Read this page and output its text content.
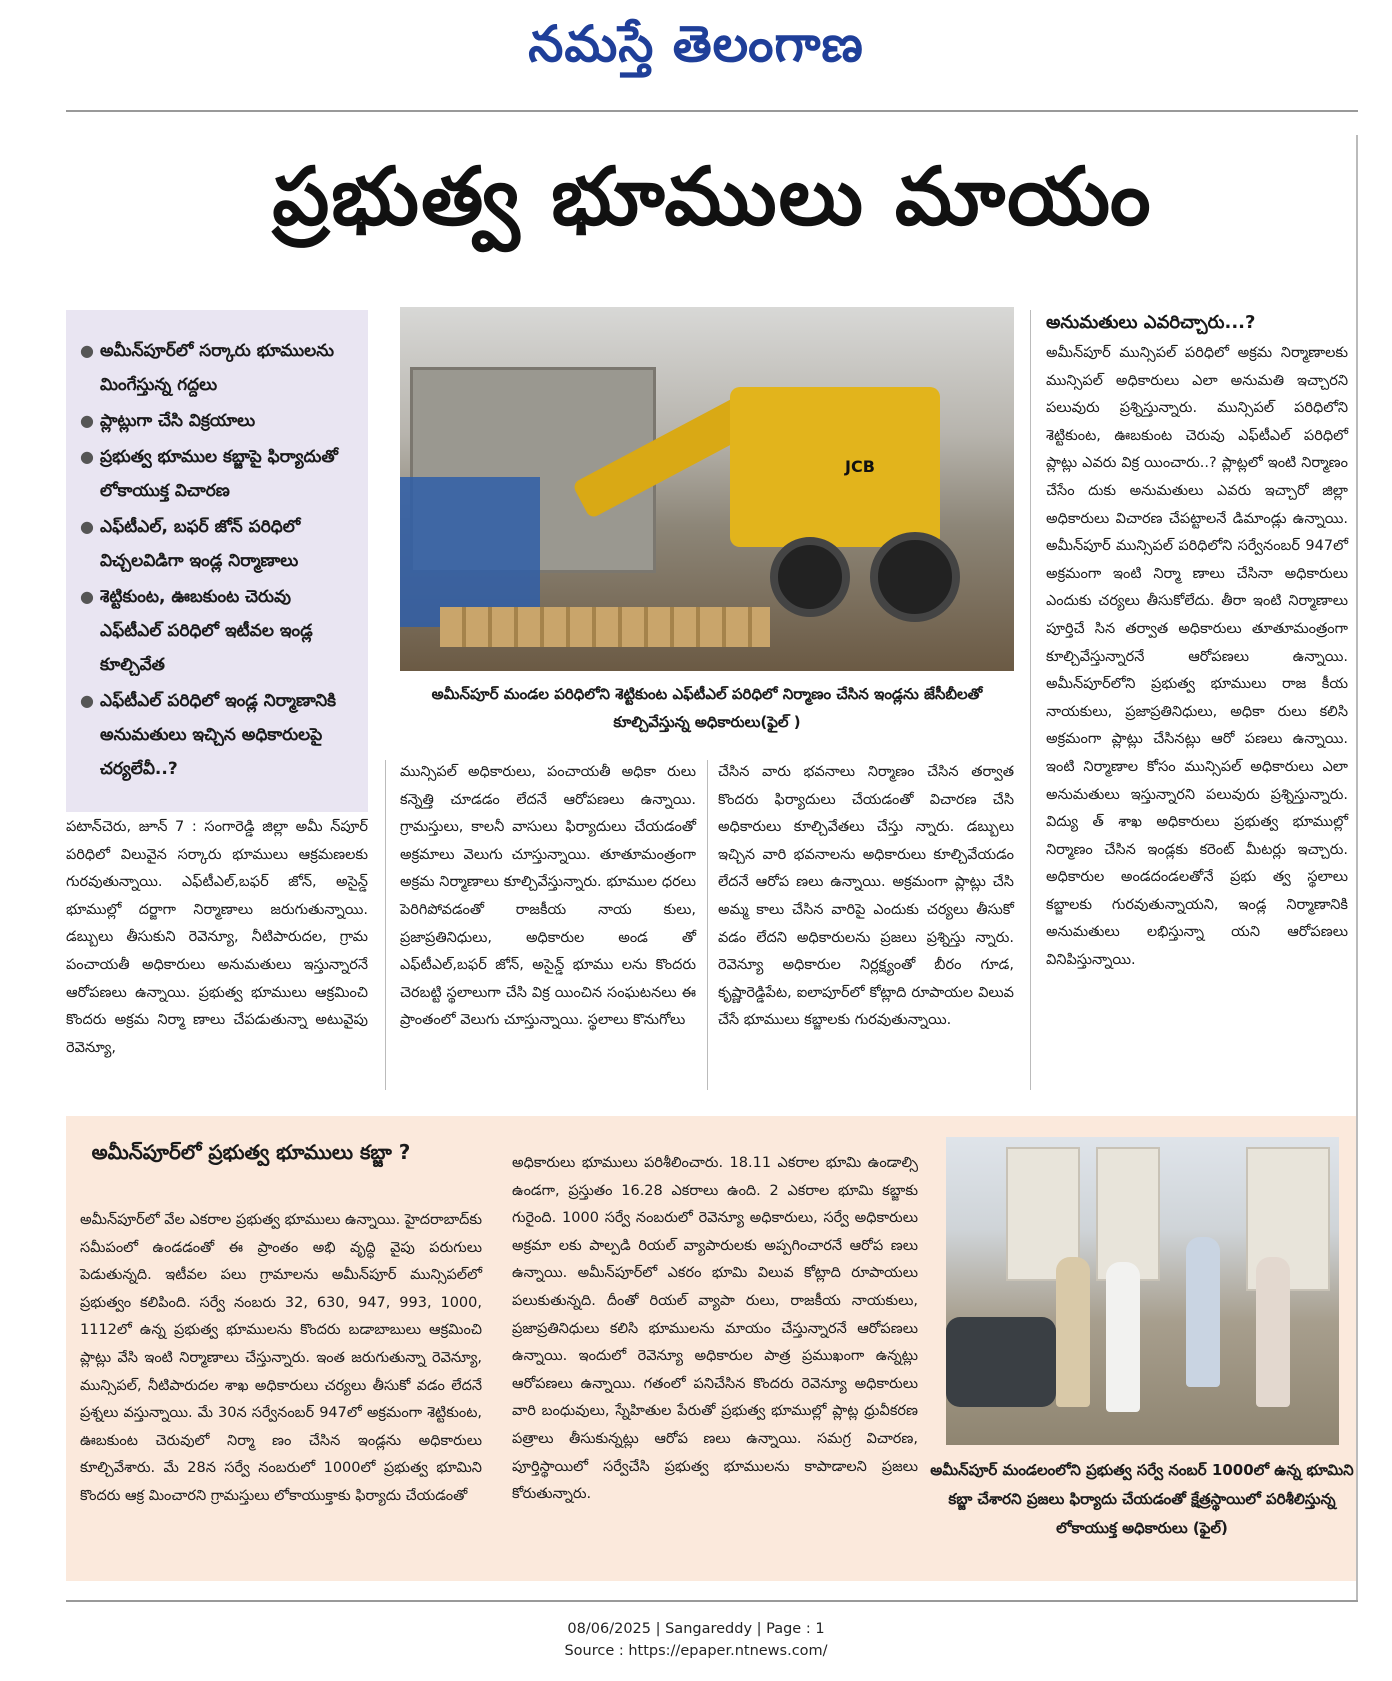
నమస్తే తెలంగాణ
ప్రభుత్వ భూములు మాయం
● అమీన్‌పూర్‌లో సర్కారు భూములను మింగేస్తున్న గద్దలు
● ప్లాట్లుగా చేసి విక్రయాలు
● ప్రభుత్వ భూముల కబ్జాపై ఫిర్యాదుతో లోకాయుక్త విచారణ
● ఎఫ్‌టీఎల్‌, బఫర్‌ జోన్‌ పరిధిలో విచ్చలవిడిగా ఇండ్ల నిర్మాణాలు
● శెట్టికుంట, ఊబకుంట చెరువు ఎఫ్‌టీఎల్‌ పరిధిలో ఇటీవల ఇండ్ల కూల్చివేత
● ఎఫ్‌టీఎల్‌ పరిధిలో ఇండ్ల నిర్మాణానికి అనుమతులు ఇచ్చిన అధికారులపై చర్యలేవీ..?
JCB
అమీన్‌పూర్‌ మండల పరిధిలోని శెట్టికుంట ఎఫ్‌టీఎల్‌ పరిధిలో నిర్మాణం చేసిన ఇండ్లను జేసీబీలతో కూల్చివేస్తున్న అధికారులు(ఫైల్‌ )
అనుమతులు ఎవరిచ్చారు...?
అమీన్‌పూర్‌ మున్సిపల్‌ పరిధిలో అక్రమ నిర్మాణాలకు మున్సిపల్‌ అధికారులు ఎలా అనుమతి ఇచ్చారని పలువురు ప్రశ్నిస్తున్నారు. మున్సిపల్‌ పరిధిలోని శెట్టికుంట, ఊబకుంట చెరువు ఎఫ్‌టీఎల్‌ పరిధిలో ప్లాట్లు ఎవరు విక్ర యించారు..? ప్లాట్లలో ఇంటి నిర్మాణం చేసేం దుకు అనుమతులు ఎవరు ఇచ్చారో జిల్లా అధికారులు విచారణ చేపట్టాలనే డిమాండ్లు ఉన్నాయి. అమీన్‌పూర్‌ మున్సిపల్‌ పరిధిలోని సర్వేనంబర్‌ 947లో అక్రమంగా ఇంటి నిర్మా ణాలు చేసినా అధికారులు ఎందుకు చర్యలు తీసుకోలేదు. తీరా ఇంటి నిర్మాణాలు పూర్తిచే సిన తర్వాత అధికారులు తూతూమంత్రంగా కూల్చివేస్తున్నారనే ఆరోపణలు ఉన్నాయి. అమీన్‌పూర్‌లోని ప్రభుత్వ భూములు రాజ కీయ నాయకులు, ప్రజాప్రతినిధులు, అధికా రులు కలిసి అక్రమంగా ప్లాట్లు చేసినట్లు ఆరో పణలు ఉన్నాయి. ఇంటి నిర్మాణాల కోసం మున్సిపల్‌ అధికారులు ఎలా అనుమతులు ఇస్తున్నారని పలువురు ప్రశ్నిస్తున్నారు. విద్యు త్‌ శాఖ అధికారులు ప్రభుత్వ భూముల్లో నిర్మాణం చేసిన ఇండ్లకు కరెంట్‌ మీటర్లు ఇచ్చారు. అధికారుల అండదండలతోనే ప్రభు త్వ స్థలాలు కబ్జాలకు గురవుతున్నాయని, ఇండ్ల నిర్మాణానికి అనుమతులు లభిస్తున్నా యని ఆరోపణలు వినిపిస్తున్నాయి.
పటాన్‌చెరు, జూన్‌ 7 : సంగారెడ్డి జిల్లా అమీ న్‌పూర్‌ పరిధిలో విలువైన సర్కారు భూములు ఆక్రమణలకు గురవుతున్నాయి. ఎఫ్‌టీఎల్‌,బఫర్‌ జోన్‌, అసైన్డ్‌ భూముల్లో దర్జాగా నిర్మాణాలు జరుగుతున్నాయి. డబ్బులు తీసుకుని రెవెన్యూ, నీటిపారుదల, గ్రామ పంచాయతీ అధికారులు అనుమతులు ఇస్తున్నారనే ఆరోపణలు ఉన్నాయి. ప్రభుత్వ భూములు ఆక్రమించి కొందరు అక్రమ నిర్మా ణాలు చేపడుతున్నా అటువైపు రెవెన్యూ,
మున్సిపల్‌ అధికారులు, పంచాయతీ అధికా రులు కన్నెత్తి చూడడం లేదనే ఆరోపణలు ఉన్నాయి. గ్రామస్తులు, కాలనీ వాసులు ఫిర్యాదులు చేయడంతో అక్రమాలు వెలుగు చూస్తున్నాయి. తూతూమంత్రంగా అక్రమ నిర్మాణాలు కూల్చివేస్తున్నారు. భూముల ధరలు పెరిగిపోవడంతో రాజకీయ నాయ కులు, ప్రజాప్రతినిధులు, అధికారుల అండ తో ఎఫ్‌టీఎల్‌,బఫర్‌ జోన్‌, అసైన్డ్‌ భూము లను కొందరు చెరబట్టి స్థలాలుగా చేసి విక్ర యించిన సంఘటనలు ఈ ప్రాంతంలో వెలుగు చూస్తున్నాయి. స్థలాలు కొనుగోలు
చేసిన వారు భవనాలు నిర్మాణం చేసిన తర్వాత కొందరు ఫిర్యాదులు చేయడంతో విచారణ చేసి అధికారులు కూల్చివేతలు చేస్తు న్నారు. డబ్బులు ఇచ్చిన వారి భవనాలను అధికారులు కూల్చివేయడం లేదనే ఆరోప ణలు ఉన్నాయి. అక్రమంగా ప్లాట్లు చేసి అమ్మ కాలు చేసిన వారిపై ఎందుకు చర్యలు తీసుకో వడం లేదని అధికారులను ప్రజలు ప్రశ్నిస్తు న్నారు. రెవెన్యూ అధికారుల నిర్లక్ష్యంతో బీరం గూడ, కృష్ణారెడ్డిపేట, ఐలాపూర్‌లో కోట్లాది రూపాయల విలువ చేసే భూములు కబ్జాలకు గురవుతున్నాయి.
అమీన్‌పూర్‌లో ప్రభుత్వ భూములు కబ్జా ?
అమీన్‌పూర్‌లో వేల ఎకరాల ప్రభుత్వ భూములు ఉన్నాయి. హైదరాబాద్‌కు సమీపంలో ఉండడంతో ఈ ప్రాంతం అభి వృద్ధి వైపు పరుగులు పెడుతున్నది. ఇటీవల పలు గ్రామాలను అమీన్‌పూర్‌ మున్సిపల్‌లో ప్రభుత్వం కలిపింది. సర్వే నంబరు 32, 630, 947, 993, 1000, 1112లో ఉన్న ప్రభుత్వ భూములను కొందరు బడాబాబులు ఆక్రమించి ప్లాట్లు వేసి ఇంటి నిర్మాణాలు చేస్తున్నారు. ఇంత జరుగుతున్నా రెవెన్యూ, మున్సిపల్‌, నీటిపారుదల శాఖ అధికారులు చర్యలు తీసుకో వడం లేదనే ప్రశ్నలు వస్తున్నాయి. మే 30న సర్వేనంబర్‌ 947లో అక్రమంగా శెట్టికుంట, ఊబకుంట చెరువులో నిర్మా ణం చేసిన ఇండ్లను అధికారులు కూల్చివేశారు. మే 28న సర్వే నంబరులో 1000లో ప్రభుత్వ భూమిని కొందరు ఆక్ర మించారని గ్రామస్తులు లోకాయుక్తాకు ఫిర్యాదు చేయడంతో
అధికారులు భూములు పరిశీలించారు. 18.11 ఎకరాల భూమి ఉండాల్సి ఉండగా, ప్రస్తుతం 16.28 ఎకరాలు ఉంది. 2 ఎకరాల భూమి కబ్జాకు గురైంది. 1000 సర్వే నంబరులో రెవెన్యూ అధికారులు, సర్వే అధికారులు అక్రమా లకు పాల్పడి రియల్‌ వ్యాపారులకు అప్పగించారనే ఆరోప ణలు ఉన్నాయి. అమీన్‌పూర్‌లో ఎకరం భూమి విలువ కోట్లాది రూపాయలు పలుకుతున్నది. దీంతో రియల్‌ వ్యాపా రులు, రాజకీయ నాయకులు, ప్రజాప్రతినిధులు కలిసి భూములను మాయం చేస్తున్నారనే ఆరోపణలు ఉన్నాయి. ఇందులో రెవెన్యూ అధికారుల పాత్ర ప్రముఖంగా ఉన్నట్లు ఆరోపణలు ఉన్నాయి. గతంలో పనిచేసిన కొందరు రెవెన్యూ అధికారులు వారి బంధువులు, స్నేహితుల పేరుతో ప్రభుత్వ భూముల్లో ప్లాట్ల ధ్రువీకరణ పత్రాలు తీసుకున్నట్లు ఆరోప ణలు ఉన్నాయి. సమగ్ర విచారణ, పూర్తిస్థాయిలో సర్వేచేసి ప్రభుత్వ భూములను కాపాడాలని ప్రజలు కోరుతున్నారు.
అమీన్‌పూర్‌ మండలంలోని ప్రభుత్వ సర్వే నంబర్‌ 1000లో ఉన్న భూమిని కబ్జా చేశారని ప్రజలు ఫిర్యాదు చేయడంతో క్షేత్రస్థాయిలో పరిశీలిస్తున్న లోకాయుక్త అధికారులు (ఫైల్‌)
08/06/2025 | Sangareddy | Page : 1
Source : https://epaper.ntnews.com/
